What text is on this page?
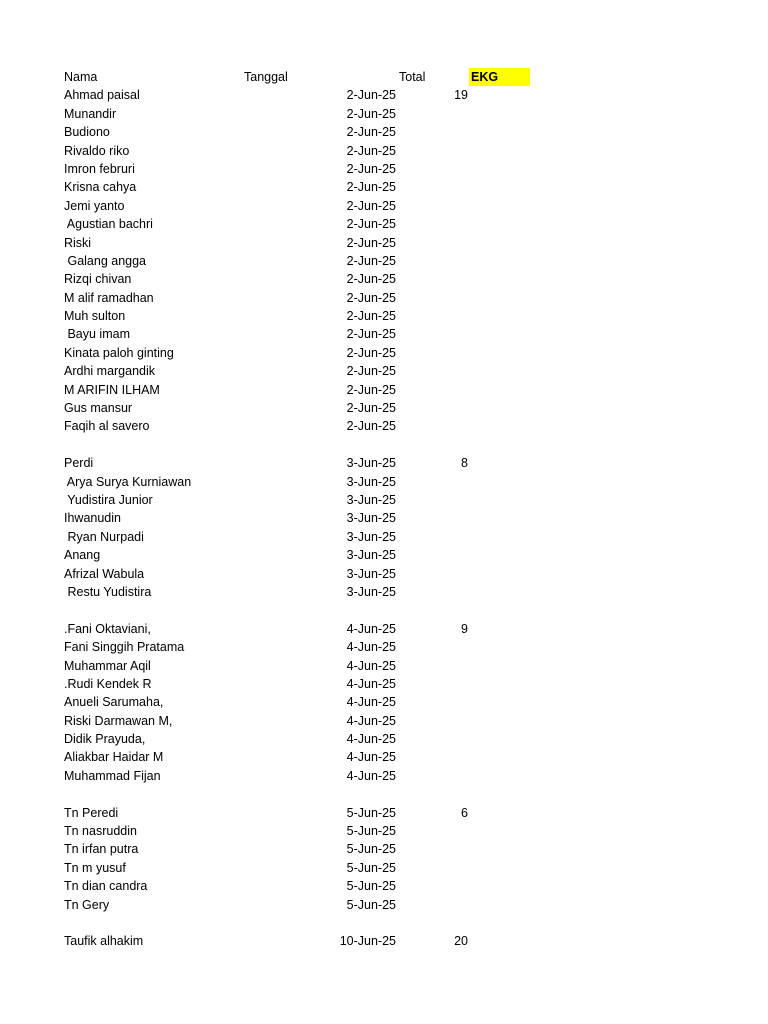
Nama	Tanggal	Total	EKG
Ahmad paisal	2-Jun-25	19
Munandir	2-Jun-25
Budiono	2-Jun-25
Rivaldo riko	2-Jun-25
Imron februri	2-Jun-25
Krisna cahya	2-Jun-25
Jemi yanto	2-Jun-25
Agustian bachri	2-Jun-25
Riski	2-Jun-25
Galang angga	2-Jun-25
Rizqi chivan	2-Jun-25
M alif ramadhan	2-Jun-25
Muh sulton	2-Jun-25
Bayu imam	2-Jun-25
Kinata paloh ginting	2-Jun-25
Ardhi margandik	2-Jun-25
M ARIFIN ILHAM	2-Jun-25
Gus mansur	2-Jun-25
Faqih al savero	2-Jun-25
Perdi	3-Jun-25	8
Arya Surya Kurniawan	3-Jun-25
Yudistira Junior	3-Jun-25
Ihwanudin	3-Jun-25
Ryan Nurpadi	3-Jun-25
Anang	3-Jun-25
Afrizal Wabula	3-Jun-25
Restu Yudistira	3-Jun-25
.Fani Oktaviani,	4-Jun-25	9
Fani Singgih Pratama	4-Jun-25
Muhammar Aqil	4-Jun-25
.Rudi Kendek R	4-Jun-25
Anueli Sarumaha,	4-Jun-25
Riski Darmawan M,	4-Jun-25
Didik Prayuda,	4-Jun-25
Aliakbar Haidar M	4-Jun-25
Muhammad Fijan	4-Jun-25
Tn Peredi	5-Jun-25	6
Tn nasruddin	5-Jun-25
Tn irfan putra	5-Jun-25
Tn m yusuf	5-Jun-25
Tn dian candra	5-Jun-25
Tn Gery	5-Jun-25
Taufik alhakim	10-Jun-25	20
